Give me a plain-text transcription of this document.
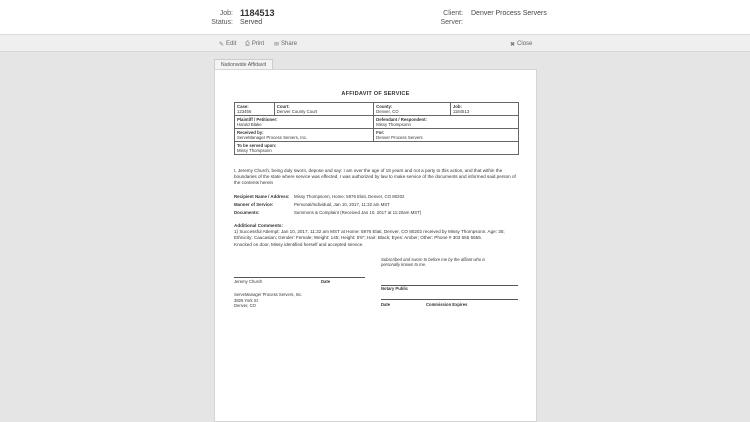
Job: 1184513
Status: Served
Client: Denver Process Servers
Server:
✎ Edit ⎙ Print ✉ Share	✖ Close
Nationwide Affidavit
AFFIDAVIT OF SERVICE
Case:
123456	Court:
Denver County Court	County:
Denver, CO	Job:
1184513

Plaintiff / Petitioner:
Harold Blake		Defendant / Respondent:
Missy Thompsonn	

Received by:
ServeManager Process Servers, Inc.		For:
Denver Process Servers	

To be served upon:
Missy Thompsonn			
I, Jeremy Church, being duly sworn, depose and say: I am over the age of 18 years and not a party to this action, and that within the boundaries of the state where service was effected, I was authorized by law to make service of the documents and informed said person of the contents herein
Recipient Name / Address: Missy Thompsonn, Home: 5976 Elati, Denver, CO 80202
Manner of Service:	Personal/Individual, Jan 10, 2017, 11:32 am MST
Documents:	Summons & Complaint (Received Jan 10, 2017 at 11:20am MST)
Additional Comments:
1) Successful Attempt: Jan 10, 2017, 11:32 am MST at Home: 5976 Elati, Denver, CO 80202 received by Missy Thompsonn. Age: 35; Ethnicity: Caucasian; Gender: Female; Weight: 145; Height: 5'8"; Hair: Black; Eyes: Amber; Other: Phone # 303 555 5555.
Knocked on door, Missy identified herself and accepted service.
Subscribed and sworn to before me by the affiant who is personally known to me.
Jeremy Church	Date
Notary Public
ServeManager Process Servers, Inc.
3825 York St
Denver, CO	Date	Commission Expires
